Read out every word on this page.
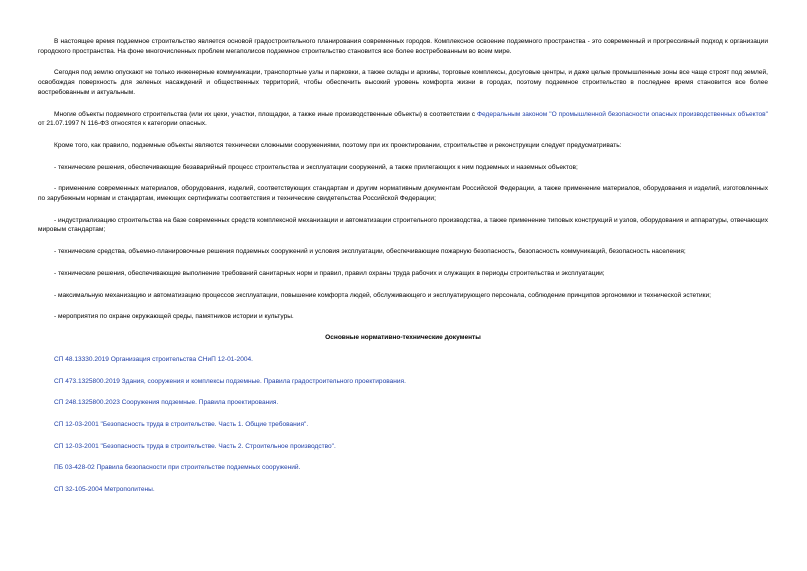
В настоящее время подземное строительство является основой градостроительного планирования современных городов. Комплексное освоение подземного пространства - это современный и прогрессивный подход к организации городского пространства. На фоне многочисленных проблем мегаполисов подземное строительство становится все более востребованным во всем мире.

Сегодня под землю опускают не только инженерные коммуникации, транспортные узлы и парковки, а также склады и архивы, торговые комплексы, досуговые центры, и даже целые промышленные зоны все чаще строят под землей, освобождая поверхность для зеленых насаждений и общественных территорий, чтобы обеспечить высокий уровень комфорта жизни в городах, поэтому подземное строительство в последнее время становится все более востребованным и актуальным.

Многие объекты подземного строительства (или их цехи, участки, площадки, а также иные производственные объекты) в соответствии с Федеральным законом "О промышленной безопасности опасных производственных объектов" от 21.07.1997 N 116-ФЗ относятся к категории опасных.

Кроме того, как правило, подземные объекты являются технически сложными сооружениями, поэтому при их проектировании, строительстве и реконструкции следует предусматривать:

- технические решения, обеспечивающие безаварийный процесс строительства и эксплуатации сооружений, а также прилегающих к ним подземных и наземных объектов;

- применение современных материалов, оборудования, изделий, соответствующих стандартам и другим нормативным документам Российской Федерации, а также применение материалов, оборудования и изделий, изготовленных по зарубежным нормам и стандартам, имеющих сертификаты соответствия и технические свидетельства Российской Федерации;

- индустриализацию строительства на базе современных средств комплексной механизации и автоматизации строительного производства, а также применение типовых конструкций и узлов, оборудования и аппаратуры, отвечающих мировым стандартам;

- технические средства, объемно-планировочные решения подземных сооружений и условия эксплуатации, обеспечивающие пожарную безопасность, безопасность коммуникаций, безопасность населения;

- технические решения, обеспечивающие выполнение требований санитарных норм и правил, правил охраны труда рабочих и служащих в периоды строительства и эксплуатации;

- максимальную механизацию и автоматизацию процессов эксплуатации, повышение комфорта людей, обслуживающего и эксплуатирующего персонала, соблюдение принципов эргономики и технической эстетики;

- мероприятия по охране окружающей среды, памятников истории и культуры.

Основные нормативно-технические документы

СП 48.13330.2019 Организация строительства СНиП 12-01-2004.

СП 473.1325800.2019 Здания, сооружения и комплексы подземные. Правила градостроительного проектирования.

СП 248.1325800.2023 Сооружения подземные. Правила проектирования.

СП 12-03-2001 "Безопасность труда в строительстве. Часть 1. Общие требования".

СП 12-03-2001 "Безопасность труда в строительстве. Часть 2. Строительное производство".

ПБ 03-428-02 Правила безопасности при строительстве подземных сооружений.

СП 32-105-2004 Метрополитены.
